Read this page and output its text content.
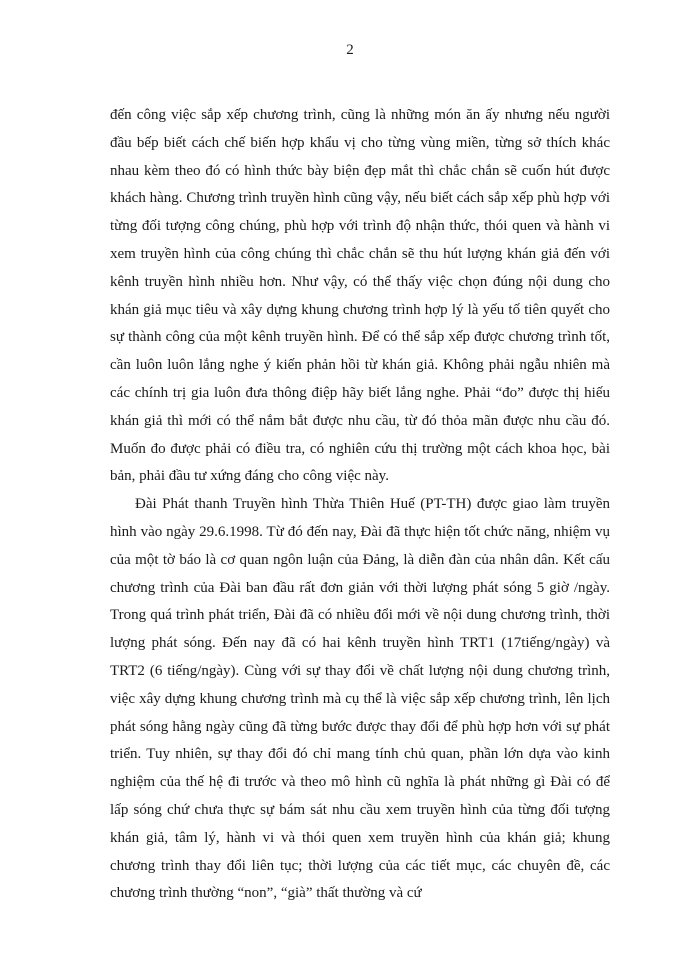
2

đến công việc sắp xếp chương trình, cũng là những món ăn ấy nhưng nếu người đầu bếp biết cách chế biến hợp khẩu vị cho từng vùng miền, từng sở thích khác nhau kèm theo đó có hình thức bày biện đẹp mắt thì chắc chắn sẽ cuốn hút được khách hàng. Chương trình truyền hình cũng vậy, nếu biết cách sắp xếp phù hợp với từng đối tượng công chúng, phù hợp với trình độ nhận thức, thói quen và hành vi xem truyền hình của công chúng thì chắc chắn sẽ thu hút lượng khán giả đến với kênh truyền hình nhiều hơn. Như vậy, có thể thấy việc chọn đúng nội dung cho khán giả mục tiêu và xây dựng khung chương trình hợp lý là yếu tố tiên quyết cho sự thành công của một kênh truyền hình. Để có thể sắp xếp được chương trình tốt, cần luôn luôn lắng nghe ý kiến phản hồi từ khán giả. Không phải ngẫu nhiên mà các chính trị gia luôn đưa thông điệp hãy biết lắng nghe. Phải “đo” được thị hiếu khán giả thì mới có thể nắm bắt được nhu cầu, từ đó thỏa mãn được nhu cầu đó. Muốn đo được phải có điều tra, có nghiên cứu thị trường một cách khoa học, bài bản, phải đầu tư xứng đáng cho công việc này.

Đài Phát thanh Truyền hình Thừa Thiên Huế (PT-TH) được giao làm truyền hình vào ngày 29.6.1998. Từ đó đến nay, Đài đã thực hiện tốt chức năng, nhiệm vụ của một tờ báo là cơ quan ngôn luận của Đảng, là diễn đàn của nhân dân. Kết cấu chương trình của Đài ban đầu rất đơn giản với thời lượng phát sóng 5 giờ /ngày. Trong quá trình phát triển, Đài đã có nhiều đổi mới về nội dung chương trình, thời lượng phát sóng. Đến nay đã có hai kênh truyền hình TRT1 (17tiếng/ngày) và TRT2 (6 tiếng/ngày). Cùng với sự thay đổi về chất lượng nội dung chương trình, việc xây dựng khung chương trình mà cụ thể là việc sắp xếp chương trình, lên lịch phát sóng hằng ngày cũng đã từng bước được thay đổi để phù hợp hơn với sự phát triển. Tuy nhiên, sự thay đổi đó chỉ mang tính chủ quan, phần lớn dựa vào kinh nghiệm của thế hệ đi trước và theo mô hình cũ nghĩa là phát những gì Đài có để lấp sóng chứ chưa thực sự bám sát nhu cầu xem truyền hình của từng đối tượng khán giả, tâm lý, hành vi và thói quen xem truyền hình của khán giả; khung chương trình thay đổi liên tục; thời lượng của các tiết mục, các chuyên đề, các chương trình thường “non”, “già” thất thường và cứ
